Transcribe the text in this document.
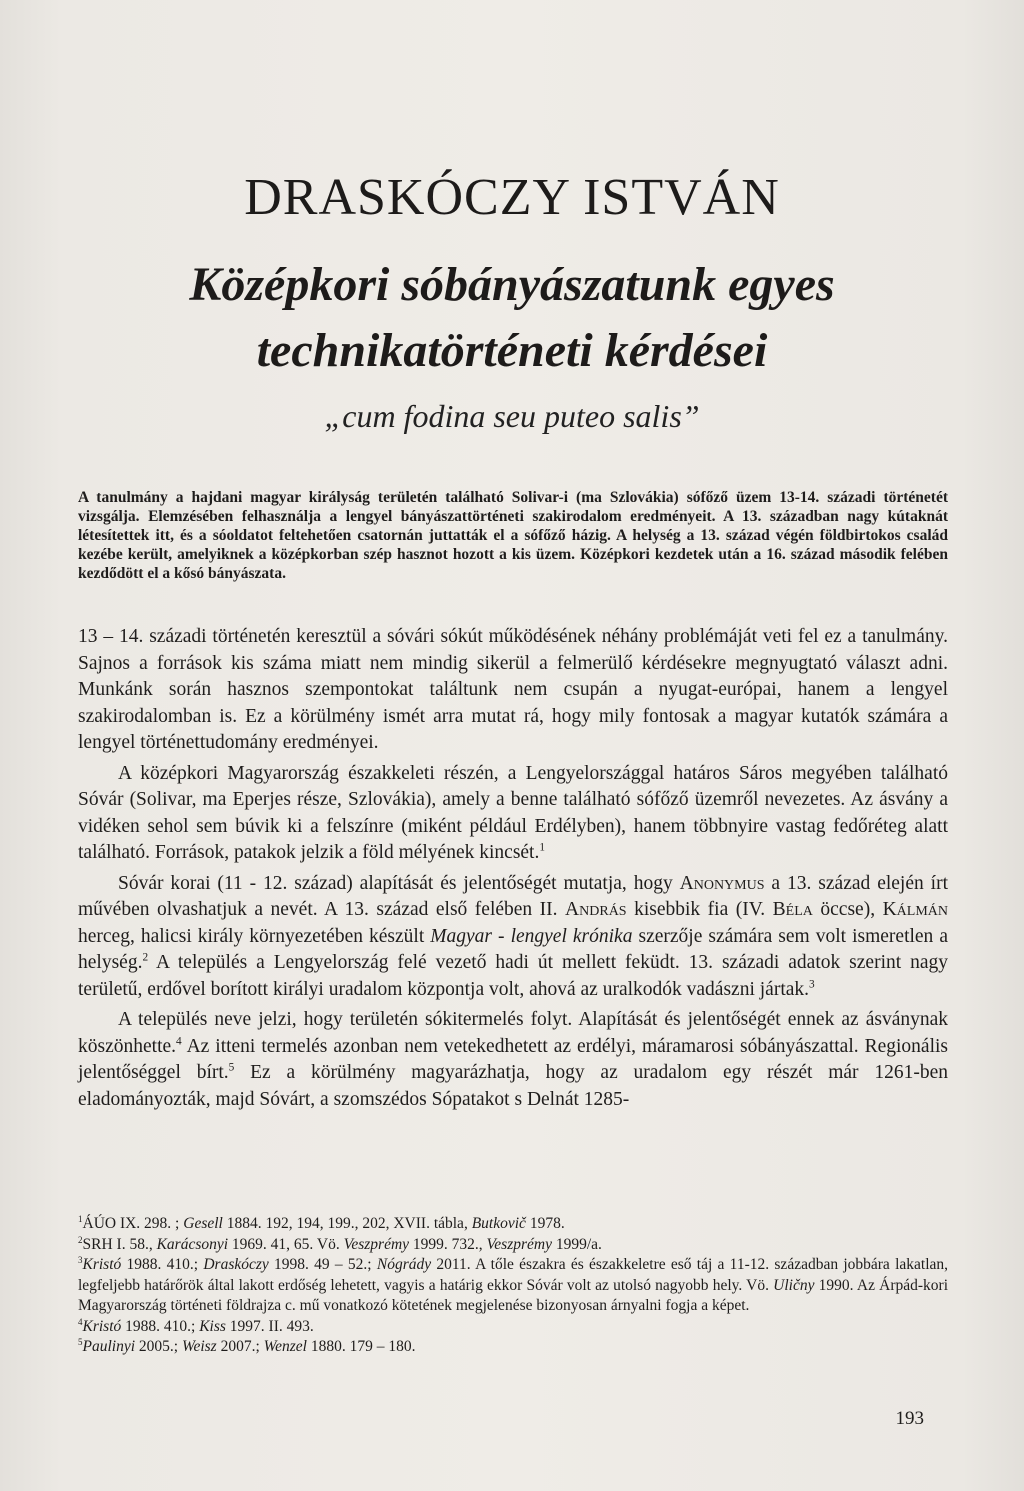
DRASKÓCZY ISTVÁN
Középkori sóbányászatunk egyes
technikatörténeti kérdései
„cum fodina seu puteo salis”
A tanulmány a hajdani magyar királyság területén található Solivar-i (ma Szlovákia) sófőző üzem 13-14. századi történetét vizsgálja. Elemzésében felhasználja a lengyel bányászattörténeti szakirodalom eredményeit. A 13. században nagy kútaknát létesítettek itt, és a sóoldatot feltehetően csatornán juttatták el a sófőző házig. A helység a 13. század végén földbirtokos család kezébe került, amelyiknek a középkorban szép hasznot hozott a kis üzem. Középkori kezdetek után a 16. század második felében kezdődött el a kősó bányászata.

13 – 14. századi történetén keresztül a sóvári sókút működésének néhány problémáját veti fel ez a tanulmány. Sajnos a források kis száma miatt nem mindig sikerül a felmerülő kérdésekre megnyugtató választ adni. Munkánk során hasznos szempontokat találtunk nem csupán a nyugat-európai, hanem a lengyel szakirodalomban is. Ez a körülmény ismét arra mutat rá, hogy mily fontosak a magyar kutatók számára a lengyel történettudomány eredményei.

A középkori Magyarország északkeleti részén, a Lengyelországgal határos Sáros megyében található Sóvár (Solivar, ma Eperjes része, Szlovákia), amely a benne található sófőző üzemről nevezetes. Az ásvány a vidéken sehol sem búvik ki a felszínre (miként például Erdélyben), hanem többnyire vastag fedőréteg alatt található. Források, patakok jelzik a föld mélyének kincsét.$^1$

Sóvár korai (11 - 12. század) alapítását és jelentőségét mutatja, hogy Anonymus a 13. század elején írt művében olvashatjuk a nevét. A 13. század első felében II. András kisebbik fia (IV. Béla öccse), Kálmán herceg, halicsi király környezetében készült Magyar - lengyel krónika szerzője számára sem volt ismeretlen a helység.$^2$ A település a Lengyelország felé vezető hadi út mellett feküdt. 13. századi adatok szerint nagy területű, erdővel borított királyi uradalom központja volt, ahová az uralkodók vadászni jártak.$^3$

A település neve jelzi, hogy területén sókitermelés folyt. Alapítását és jelentőségét ennek az ásványnak köszönhette.$^4$ Az itteni termelés azonban nem vetekedhetett az erdélyi, máramarosi sóbányászattal. Regionális jelentőséggel bírt.$^5$ Ez a körülmény magyarázhatja, hogy az uradalom egy részét már 1261-ben eladományozták, majd Sóvárt, a szomszédos Sópatakot s Delnát 1285-

$^1$ÁÚO IX. 298. ; Gesell 1884. 192, 194, 199., 202, XVII. tábla, Butkovič 1978.

$^2$SRH I. 58., Karácsonyi 1969. 41, 65. Vö. Veszprémy 1999. 732., Veszprémy 1999/a.

$^3$Kristó 1988. 410.; Draskóczy 1998. 49 – 52.; Nógrády 2011. A tőle északra és északkeletre eső táj a 11-12. században jobbára lakatlan, legfeljebb határőrök által lakott erdőség lehetett, vagyis a határig ekkor Sóvár volt az utolsó nagyobb hely. Vö. Uličny 1990. Az Árpád-kori Magyarország történeti földrajza c. mű vonatkozó kötetének megjelenése bizonyosan árnyalni fogja a képet.

$^4$Kristó 1988. 410.; Kiss 1997. II. 493.

$^5$Paulinyi 2005.; Weisz 2007.; Wenzel 1880. 179 – 180.

193
